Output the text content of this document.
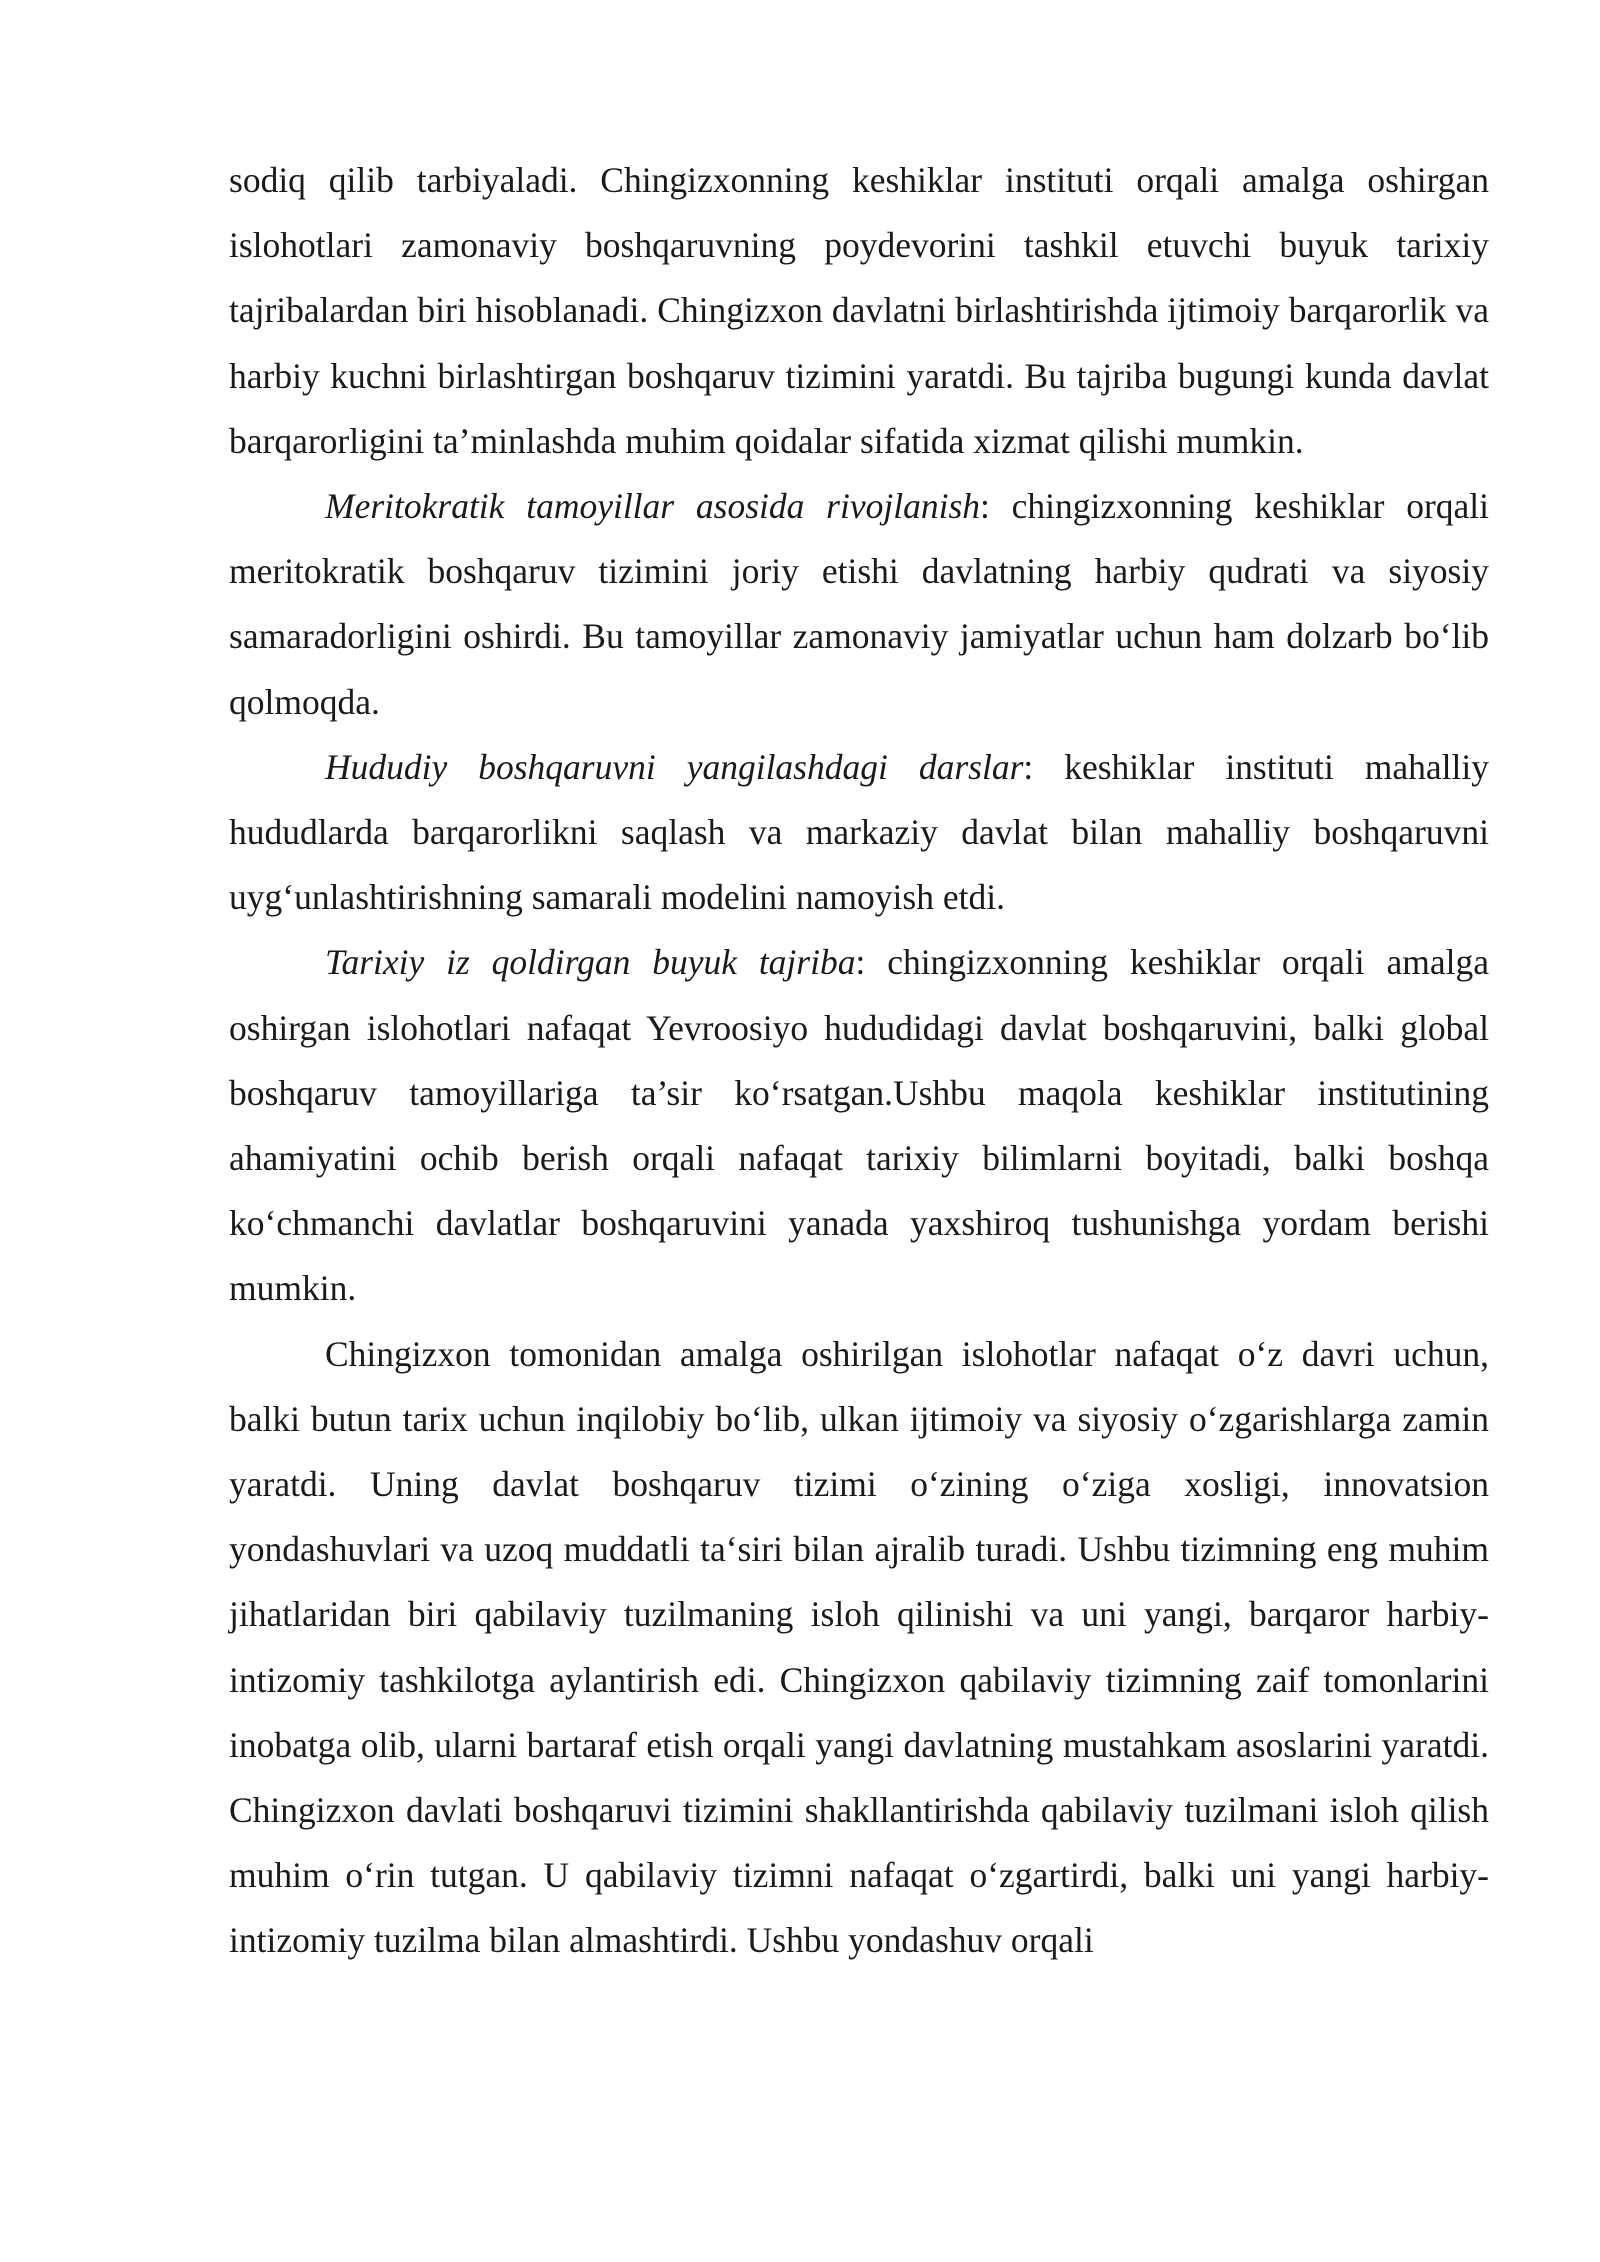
sodiq qilib tarbiyaladi. Chingizxonning keshiklar instituti orqali amalga oshirgan islohotlari zamonaviy boshqaruvning poydevorini tashkil etuvchi buyuk tarixiy tajribalardan biri hisoblanadi. Chingizxon davlatni birlashtirishda ijtimoiy barqarorlik va harbiy kuchni birlashtirgan boshqaruv tizimini yaratdi. Bu tajriba bugungi kunda davlat barqarorligini ta’minlashda muhim qoidalar sifatida xizmat qilishi mumkin.

Meritokratik tamoyillar asosida rivojlanish: chingizxonning keshiklar orqali meritokratik boshqaruv tizimini joriy etishi davlatning harbiy qudrati va siyosiy samaradorligini oshirdi. Bu tamoyillar zamonaviy jamiyatlar uchun ham dolzarb bo‘lib qolmoqda.

Hududiy boshqaruvni yangilashdagi darslar: keshiklar instituti mahalliy hududlarda barqarorlikni saqlash va markaziy davlat bilan mahalliy boshqaruvni uyg‘unlashtirishning samarali modelini namoyish etdi.

Tarixiy iz qoldirgan buyuk tajriba: chingizxonning keshiklar orqali amalga oshirgan islohotlari nafaqat Yevroosiyo hududidagi davlat boshqaruvini, balki global boshqaruv tamoyillariga ta’sir ko‘rsatgan.Ushbu maqola keshiklar institutining ahamiyatini ochib berish orqali nafaqat tarixiy bilimlarni boyitadi, balki boshqa ko‘chmanchi davlatlar boshqaruvini yanada yaxshiroq tushunishga yordam berishi mumkin.

Chingizxon tomonidan amalga oshirilgan islohotlar nafaqat o‘z davri uchun, balki butun tarix uchun inqilobiy bo‘lib, ulkan ijtimoiy va siyosiy o‘zgarishlarga zamin yaratdi. Uning davlat boshqaruv tizimi o‘zining o‘ziga xosligi, innovatsion yondashuvlari va uzoq muddatli ta‘siri bilan ajralib turadi. Ushbu tizimning eng muhim jihatlaridan biri qabilaviy tuzilmaning isloh qilinishi va uni yangi, barqaror harbiy-intizomiy tashkilotga aylantirish edi. Chingizxon qabilaviy tizimning zaif tomonlarini inobatga olib, ularni bartaraf etish orqali yangi davlatning mustahkam asoslarini yaratdi. Chingizxon davlati boshqaruvi tizimini shakllantirishda qabilaviy tuzilmani isloh qilish muhim o‘rin tutgan. U qabilaviy tizimni nafaqat o‘zgartirdi, balki uni yangi harbiy-intizomiy tuzilma bilan almashtirdi. Ushbu yondashuv orqali
